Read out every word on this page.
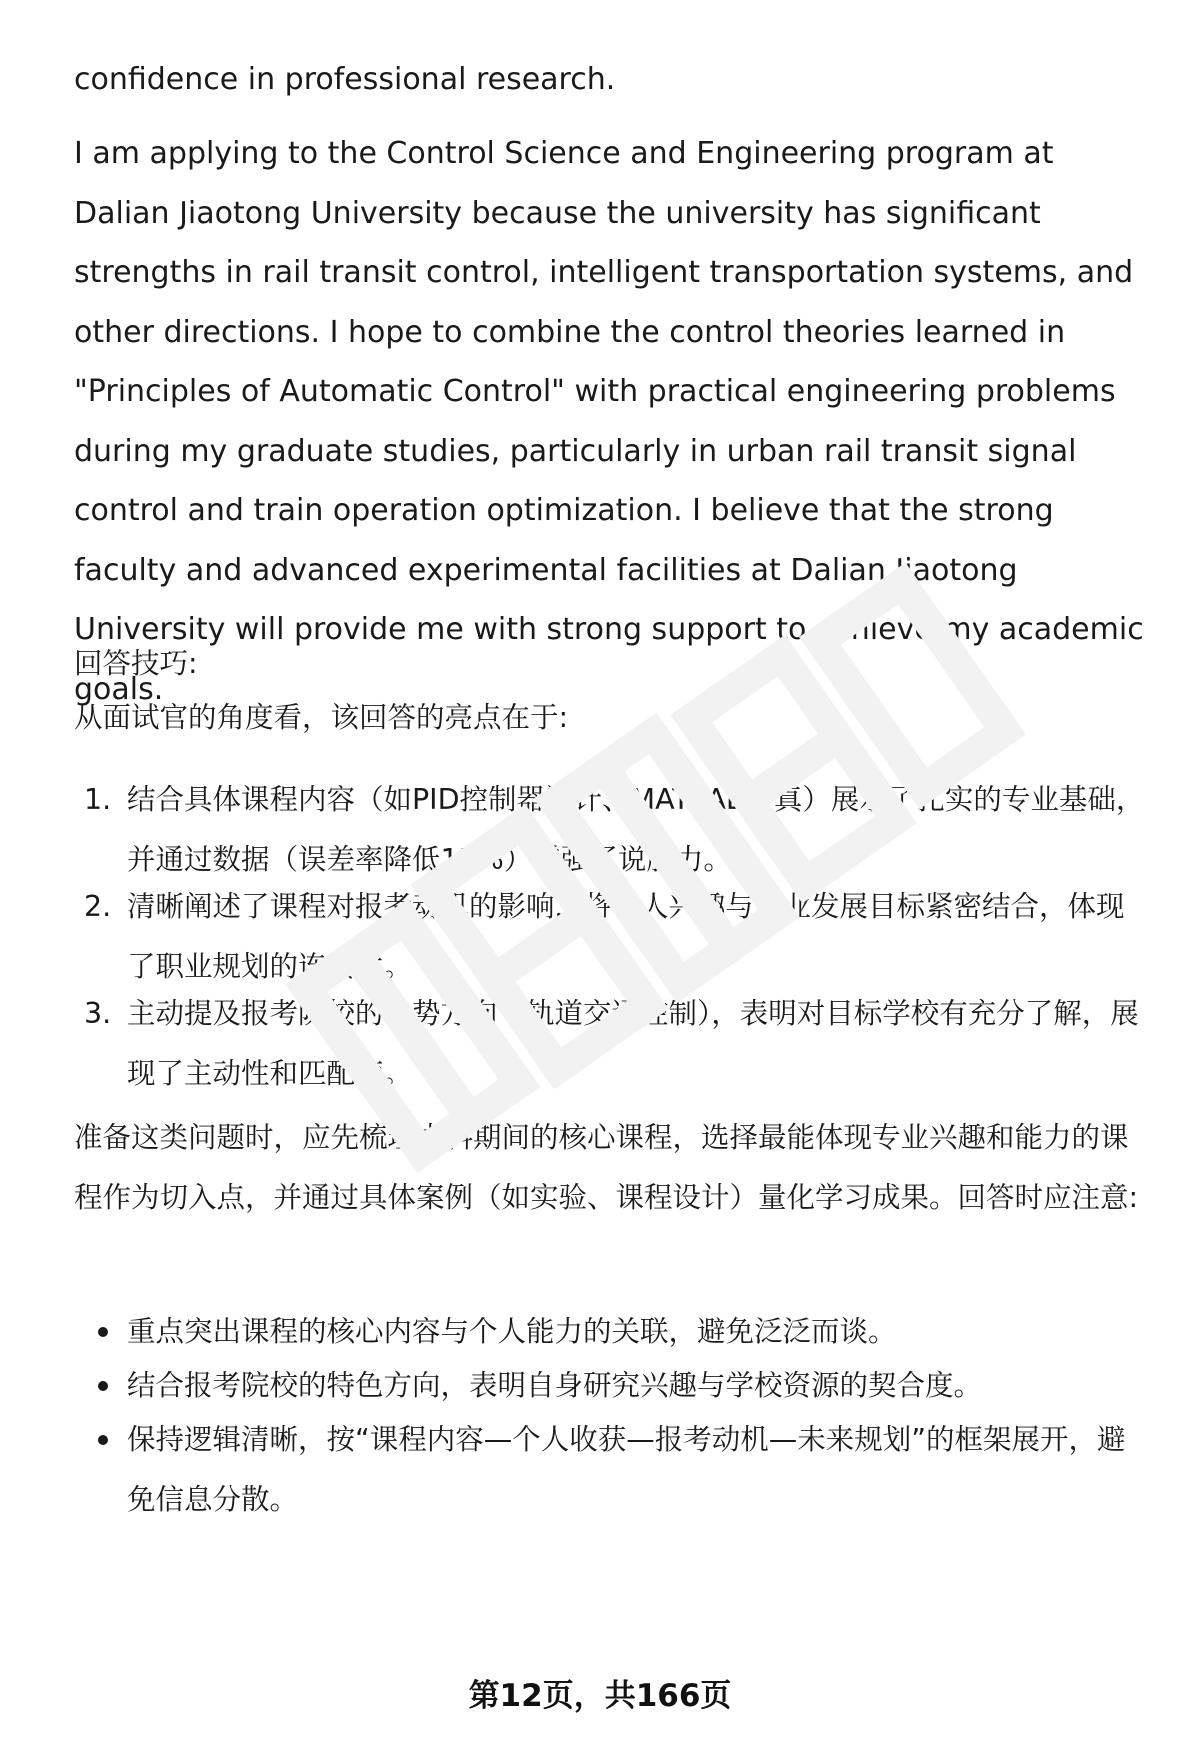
confidence in professional research.

I am applying to the Control Science and Engineering program at Dalian Jiaotong University because the university has significant strengths in rail transit control, intelligent transportation systems, and other directions. I hope to combine the control theories learned in "Principles of Automatic Control" with practical engineering problems during my graduate studies, particularly in urban rail transit signal control and train operation optimization. I believe that the strong faculty and advanced experimental facilities at Dalian Jiaotong University will provide me with strong support to achieve my academic goals.

回答技巧:

从面试官的角度看，该回答的亮点在于:

1. 结合具体课程内容（如PID控制器设计、MATLAB仿真）展示了扎实的专业基础，并通过数据（误差率降低15%）增强了说服力。
2. 清晰阐述了课程对报考动机的影响，将个人兴趣与专业发展目标紧密结合，体现了职业规划的连贯性。
3. 主动提及报考院校的优势方向（轨道交通控制），表明对目标学校有充分了解，展现了主动性和匹配度。

准备这类问题时，应先梳理本科期间的核心课程，选择最能体现专业兴趣和能力的课程作为切入点，并通过具体案例（如实验、课程设计）量化学习成果。回答时应注意:

重点突出课程的核心内容与个人能力的关联，避免泛泛而谈。
结合报考院校的特色方向，表明自身研究兴趣与学校资源的契合度。
保持逻辑清晰，按“课程内容—个人收获—报考动机—未来规划”的框架展开，避免信息分散。
第12页，共166页
